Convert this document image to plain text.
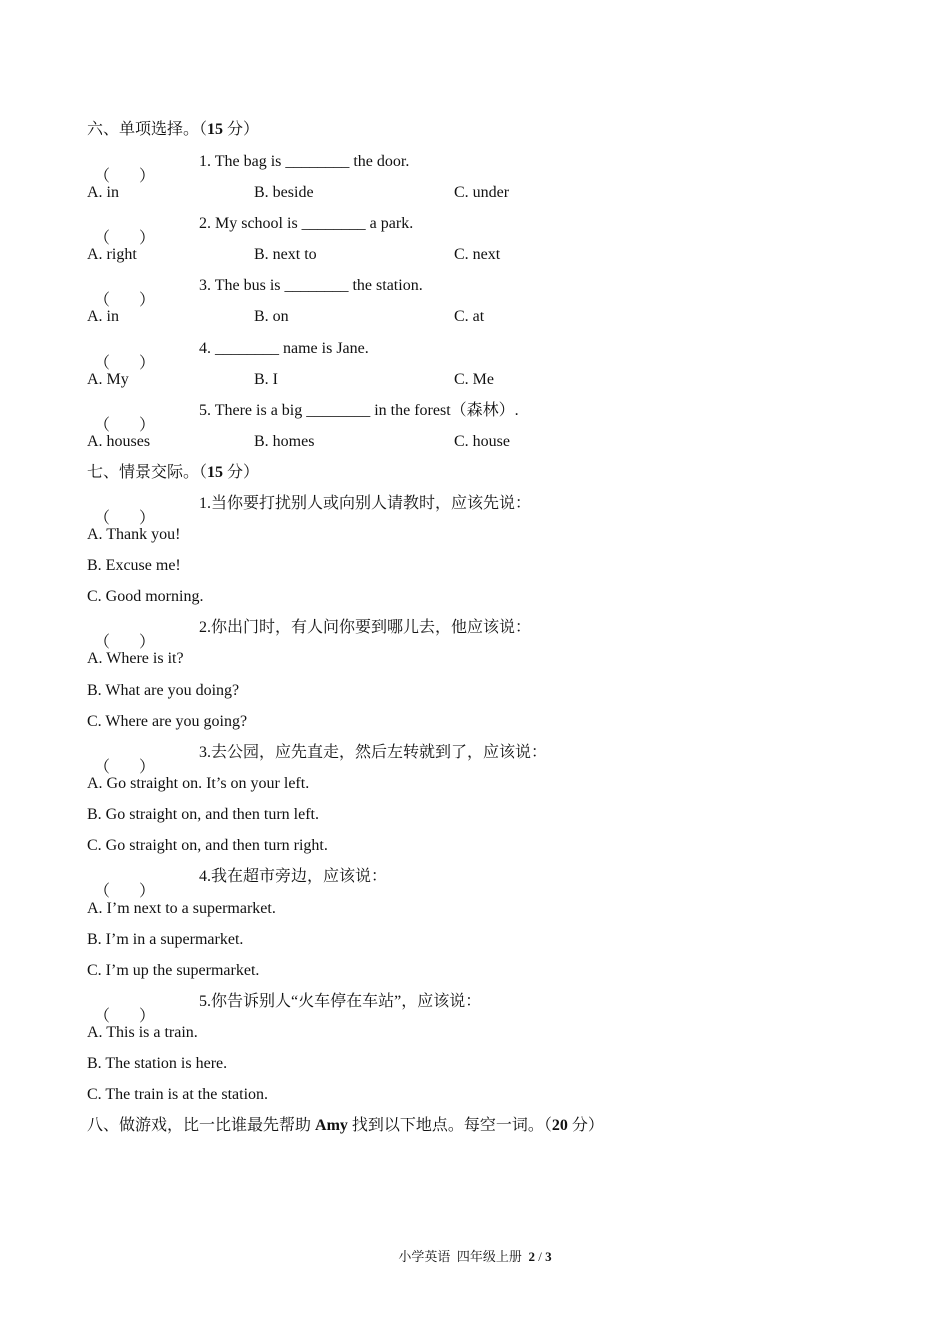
六、单项选择。（15 分）
（ ）
1. The bag is ________ the door.
A. in	B. beside	C. under
（ ）
2. My school is ________ a park.
A. right	B. next to	C. next
（ ）
3. The bus is ________ the station.
A. in	B. on	C. at
（ ）
4. ________ name is Jane.
A. My	B. I	C. Me
（ ）
5. There is a big ________ in the forest（森林）.
A. houses	B. homes	C. house
七、情景交际。（15 分）
（ ）
1.当你要打扰别人或向别人请教时，应该先说：
A. Thank you!
B. Excuse me!
C. Good morning.
（ ）
2.你出门时，有人问你要到哪儿去，他应该说：
A. Where is it?
B. What are you doing?
C. Where are you going?
（ ）
3.去公园，应先直走，然后左转就到了，应该说：
A. Go straight on. It’s on your left.
B. Go straight on, and then turn left.
C. Go straight on, and then turn right.
（ ）
4.我在超市旁边，应该说：
A. I’m next to a supermarket.
B. I’m in a supermarket.
C. I’m up the supermarket.
（ ）
5.你告诉别人“火车停在车站”，应该说：
A. This is a train.
B. The station is here.
C. The train is at the station.
八、做游戏，比一比谁最先帮助 Amy 找到以下地点。每空一词。（20 分）
小学英语  四年级上册  2 / 3
